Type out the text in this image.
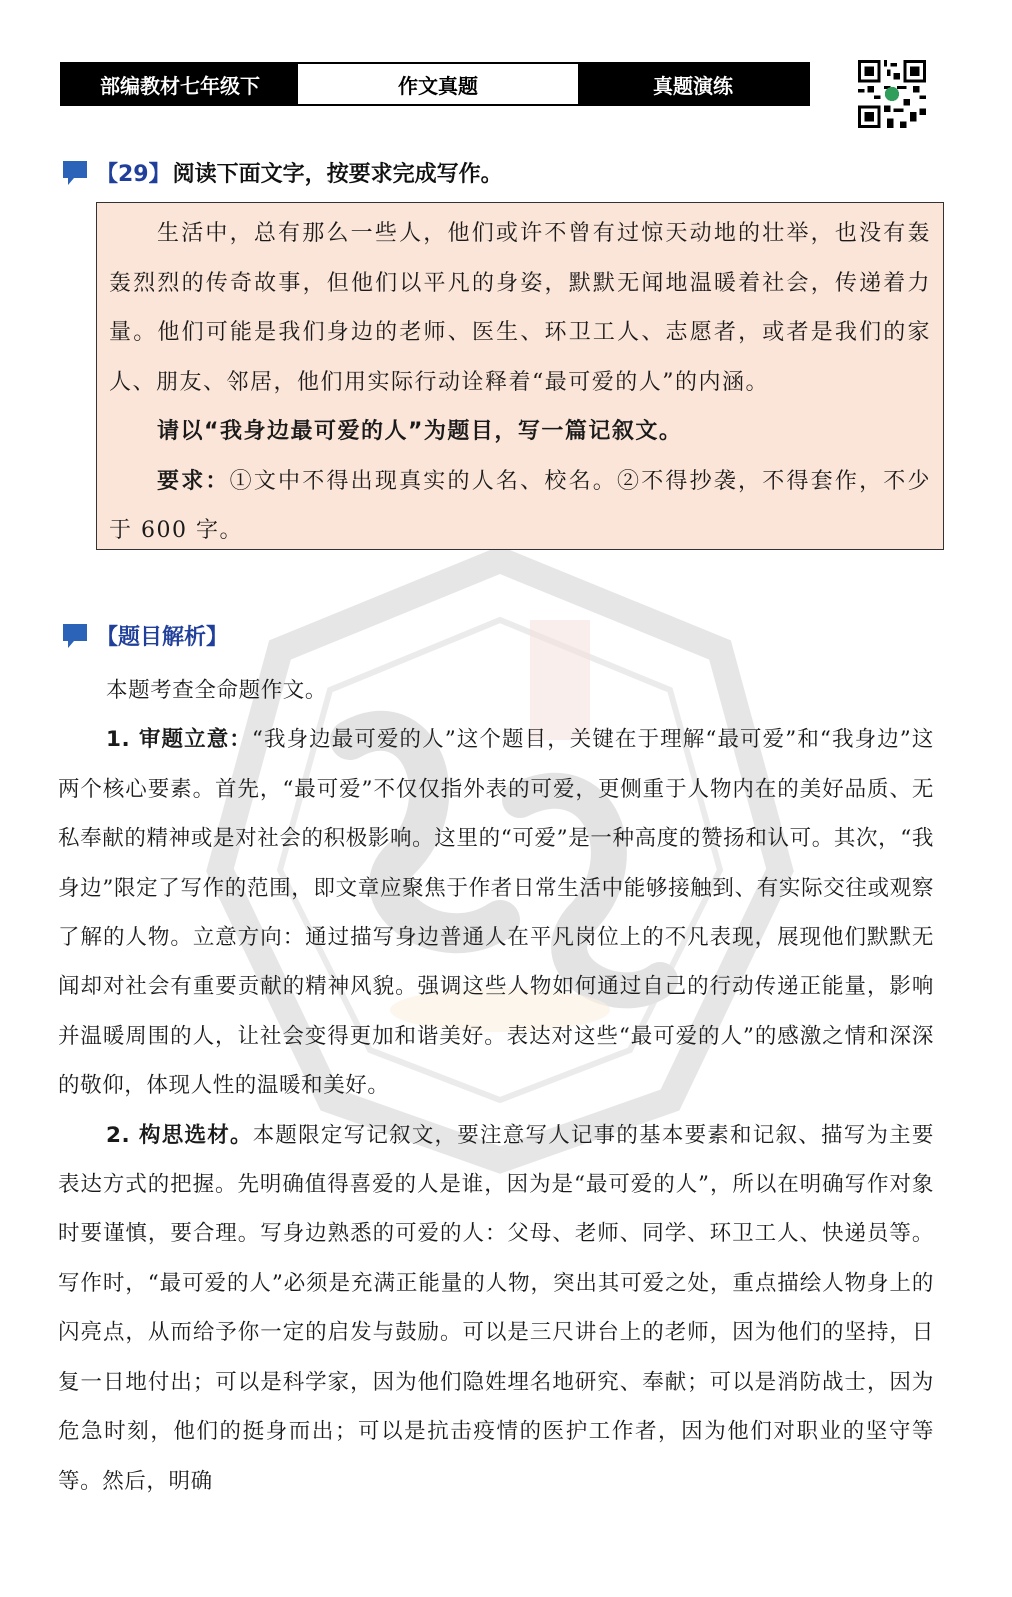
部编教材七年级下	作文真题	真题演练
【29】 阅读下面文字，按要求完成写作。

生活中，总有那么一些人，他们或许不曾有过惊天动地的壮举，也没有轰轰烈烈的传奇故事，但他们以平凡的身姿，默默无闻地温暖着社会，传递着力量。他们可能是我们身边的老师、医生、环卫工人、志愿者，或者是我们的家人、朋友、邻居，他们用实际行动诠释着“最可爱的人”的内涵。

请以“我身边最可爱的人”为题目，写一篇记叙文。

要求：①文中不得出现真实的人名、校名。②不得抄袭，不得套作，不少于 600 字。

【题目解析】

本题考查全命题作文。

1. 审题立意：“我身边最可爱的人”这个题目，关键在于理解“最可爱”和“我身边”这两个核心要素。首先，“最可爱”不仅仅指外表的可爱，更侧重于人物内在的美好品质、无私奉献的精神或是对社会的积极影响。这里的“可爱”是一种高度的赞扬和认可。其次，“我身边”限定了写作的范围，即文章应聚焦于作者日常生活中能够接触到、有实际交往或观察了解的人物。立意方向：通过描写身边普通人在平凡岗位上的不凡表现，展现他们默默无闻却对社会有重要贡献的精神风貌。强调这些人物如何通过自己的行动传递正能量，影响并温暖周围的人，让社会变得更加和谐美好。表达对这些“最可爱的人”的感激之情和深深的敬仰，体现人性的温暖和美好。

2. 构思选材。本题限定写记叙文，要注意写人记事的基本要素和记叙、描写为主要表达方式的把握。先明确值得喜爱的人是谁，因为是“最可爱的人”，所以在明确写作对象时要谨慎，要合理。写身边熟悉的可爱的人：父母、老师、同学、环卫工人、快递员等。写作时，“最可爱的人”必须是充满正能量的人物，突出其可爱之处，重点描绘人物身上的闪亮点，从而给予你一定的启发与鼓励。可以是三尺讲台上的老师，因为他们的坚持，日复一日地付出；可以是科学家，因为他们隐姓埋名地研究、奉献；可以是消防战士，因为危急时刻，他们的挺身而出；可以是抗击疫情的医护工作者，因为他们对职业的坚守等等。然后，明确
